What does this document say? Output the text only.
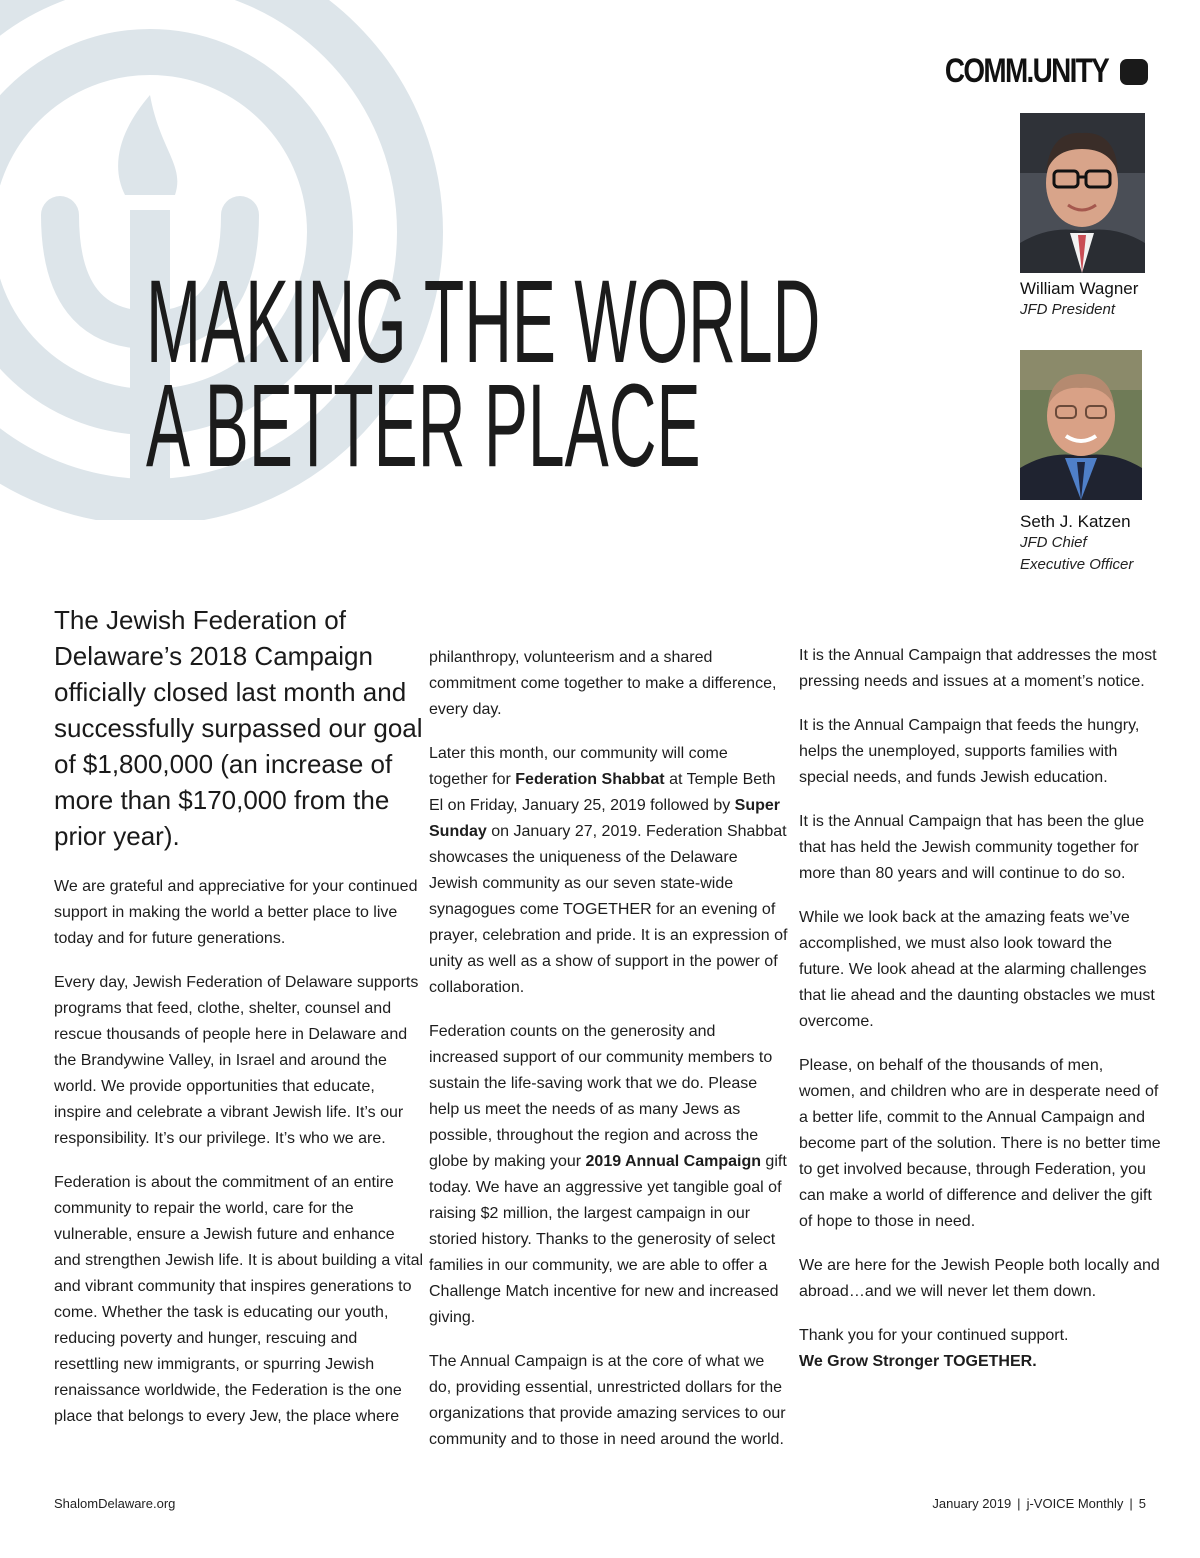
COMM.UNITY
MAKING THE WORLD
A BETTER PLACE
William Wagner
JFD President
Seth J. Katzen
JFD Chief
Executive Officer

The Jewish Federation of Delaware’s 2018 Campaign officially closed last month and successfully surpassed our goal of $1,800,000 (an increase of more than $170,000 from the prior year).

We are grateful and appreciative for your continued support in making the world a better place to live today and for future generations.

Every day, Jewish Federation of Delaware supports programs that feed, clothe, shelter, counsel and rescue thousands of people here in Delaware and the Brandywine Valley, in Israel and around the world. We provide opportunities that educate, inspire and celebrate a vibrant Jewish life. It’s our responsibility. It’s our privilege. It’s who we are.

Federation is about the commitment of an entire community to repair the world, care for the vulnerable, ensure a Jewish future and enhance and strengthen Jewish life. It is about building a vital and vibrant community that inspires generations to come. Whether the task is educating our youth, reducing poverty and hunger, rescuing and resettling new immigrants, or spurring Jewish renaissance worldwide, the Federation is the one place that belongs to every Jew, the place where

philanthropy, volunteerism and a shared commitment come together to make a difference, every day.

Later this month, our community will come together for Federation Shabbat at Temple Beth El on Friday, January 25, 2019 followed by Super Sunday on January 27, 2019. Federation Shabbat showcases the uniqueness of the Delaware Jewish community as our seven state-wide synagogues come TOGETHER for an evening of prayer, celebration and pride. It is an expression of unity as well as a show of support in the power of collaboration.

Federation counts on the generosity and increased support of our community members to sustain the life-saving work that we do. Please help us meet the needs of as many Jews as possible, throughout the region and across the globe by making your 2019 Annual Campaign gift today. We have an aggressive yet tangible goal of raising $2 million, the largest campaign in our storied history. Thanks to the generosity of select families in our community, we are able to offer a Challenge Match incentive for new and increased giving.

The Annual Campaign is at the core of what we do, providing essential, unrestricted dollars for the organizations that provide amazing services to our community and to those in need around the world.

It is the Annual Campaign that addresses the most pressing needs and issues at a moment’s notice.

It is the Annual Campaign that feeds the hungry, helps the unemployed, supports families with special needs, and funds Jewish education.

It is the Annual Campaign that has been the glue that has held the Jewish community together for more than 80 years and will continue to do so.

While we look back at the amazing feats we’ve accomplished, we must also look toward the future. We look ahead at the alarming challenges that lie ahead and the daunting obstacles we must overcome.

Please, on behalf of the thousands of men, women, and children who are in desperate need of a better life, commit to the Annual Campaign and become part of the solution. There is no better time to get involved because, through Federation, you can make a world of difference and deliver the gift of hope to those in need.

We are here for the Jewish People both locally and abroad…and we will never let them down.

Thank you for your continued support.

We Grow Stronger TOGETHER.

ShalomDelaware.org	January 2019 | j-VOICE Monthly | 5
